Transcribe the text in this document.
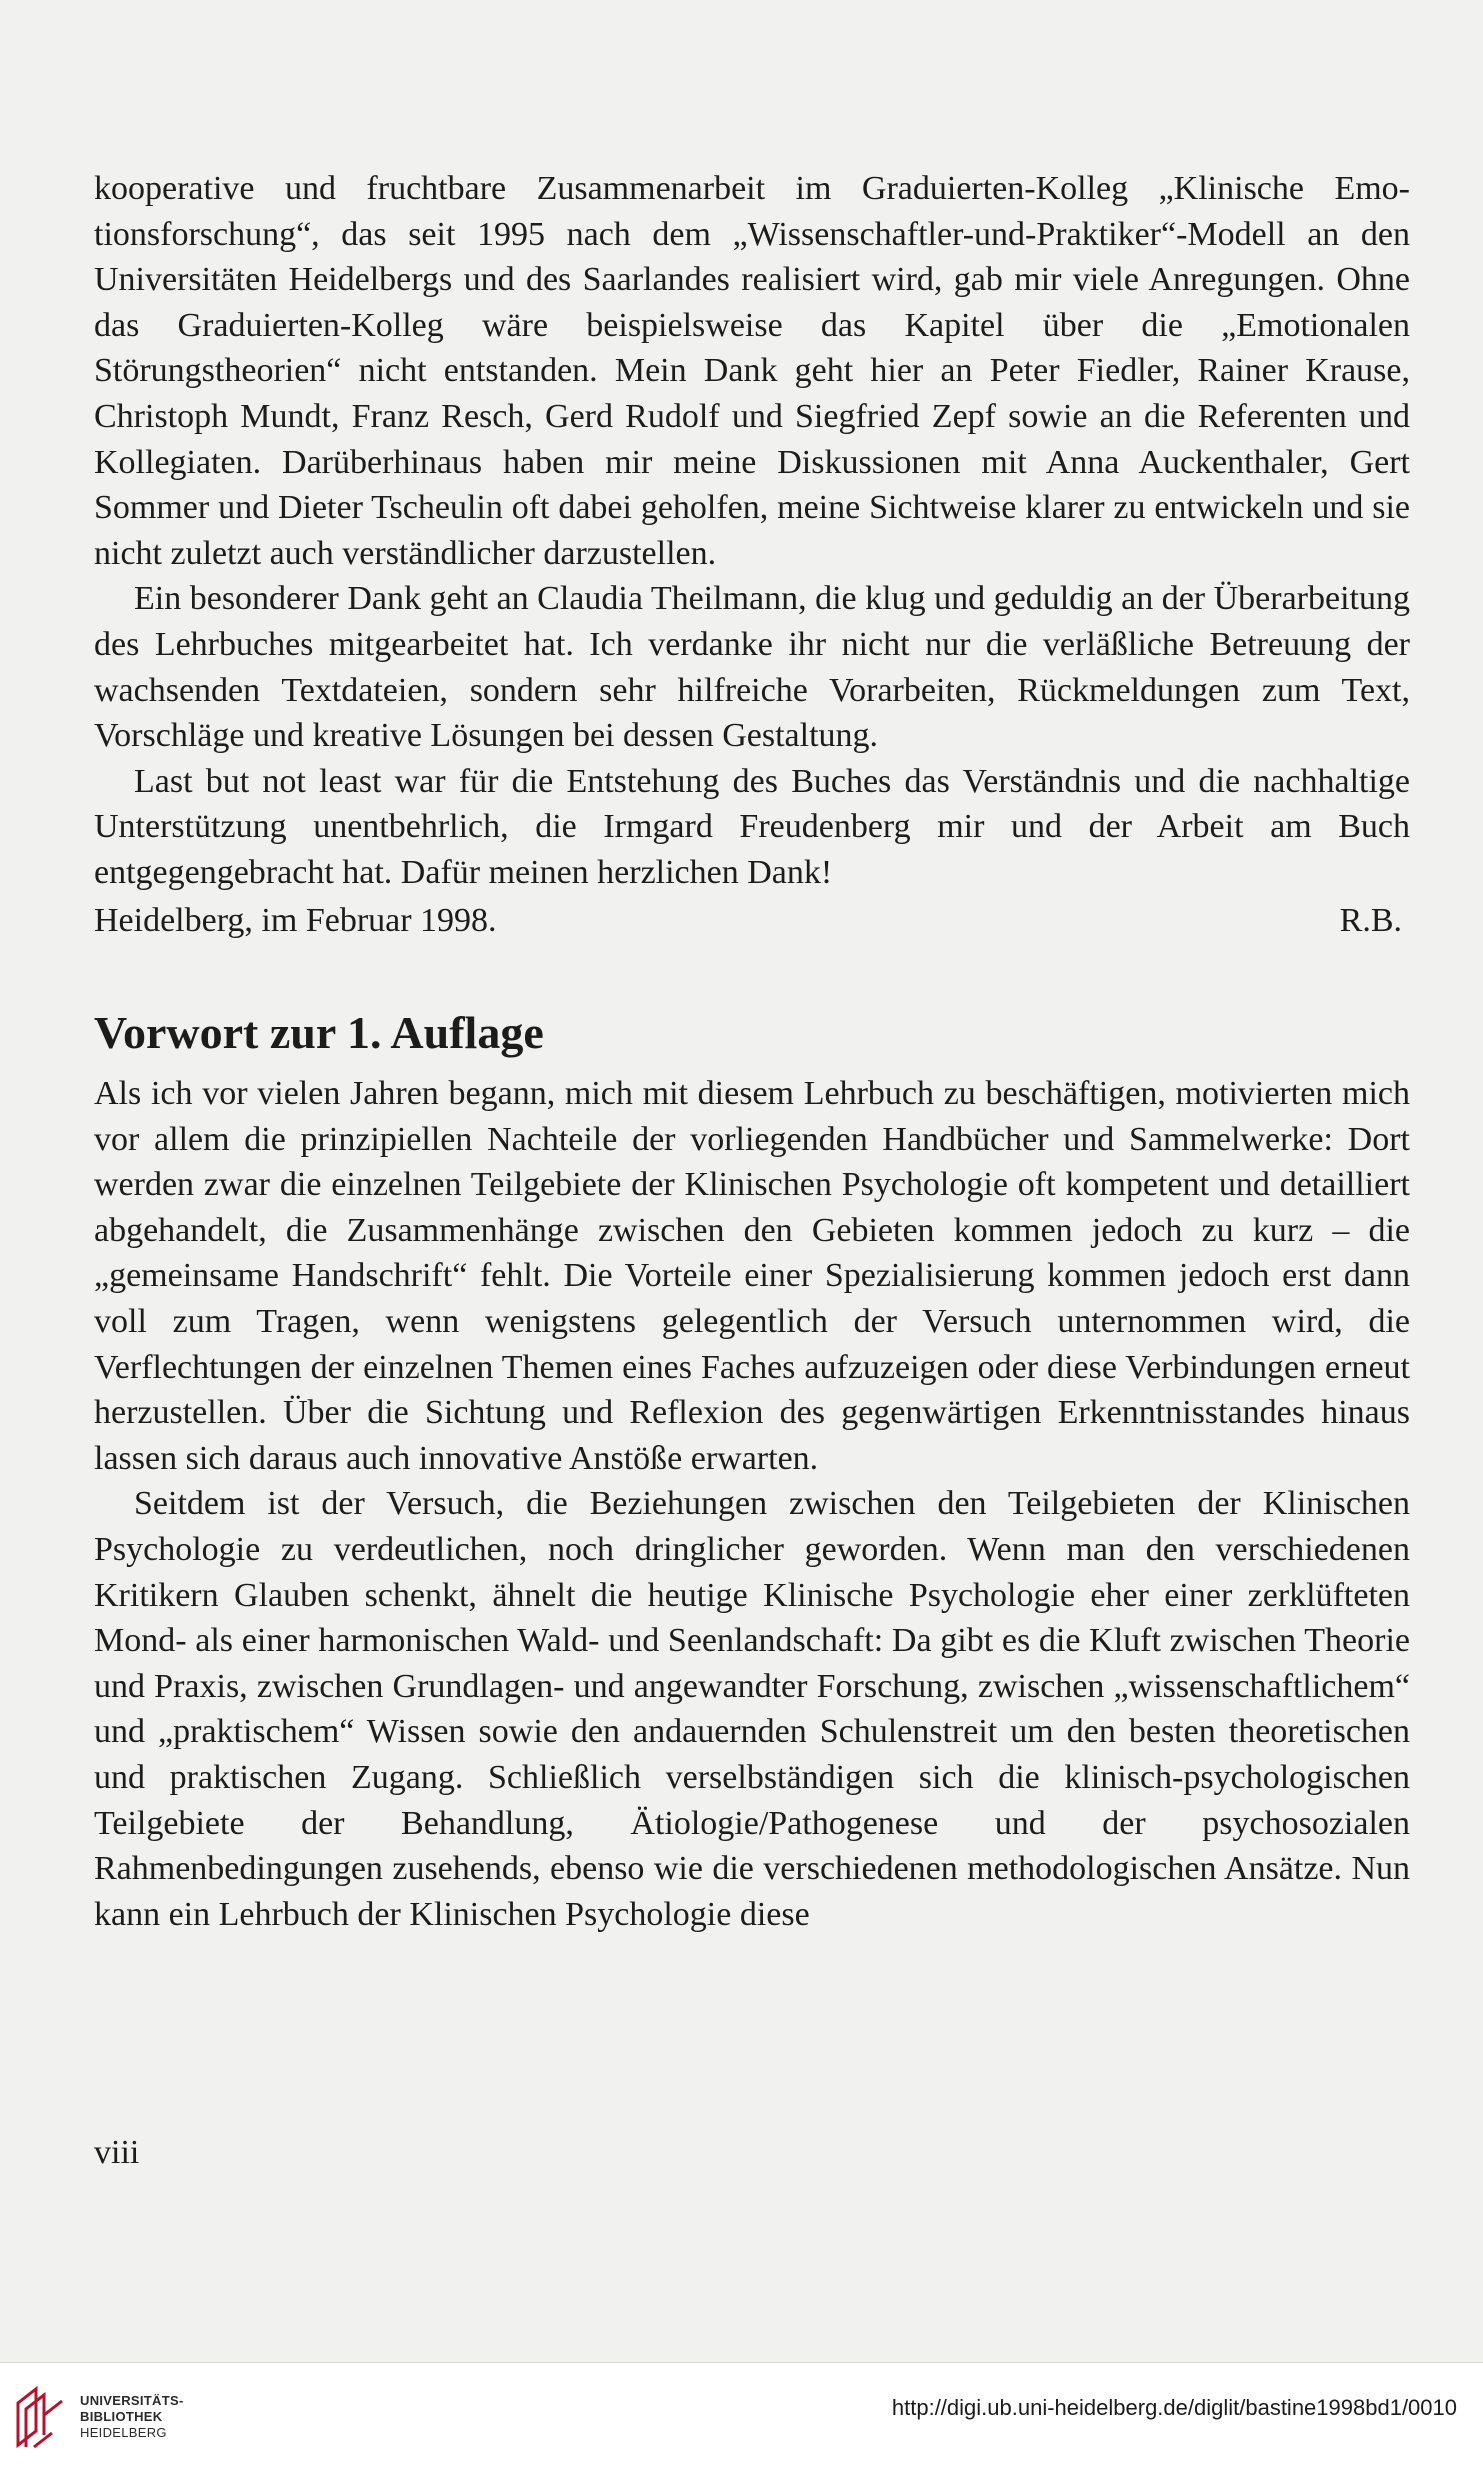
kooperative und fruchtbare Zusammenarbeit im Graduierten-Kolleg „Klinische Emotionsforschung“, das seit 1995 nach dem „Wissenschaftler-und-Praktiker“-Modell an den Universitäten Heidelbergs und des Saarlandes realisiert wird, gab mir viele Anregungen. Ohne das Graduierten-Kolleg wäre beispielsweise das Kapitel über die „Emotionalen Störungstheorien“ nicht entstanden. Mein Dank geht hier an Peter Fiedler, Rainer Krause, Christoph Mundt, Franz Resch, Gerd Rudolf und Siegfried Zepf sowie an die Referenten und Kollegiaten. Darüberhinaus haben mir meine Diskussionen mit Anna Auckenthaler, Gert Sommer und Dieter Tscheulin oft dabei geholfen, meine Sichtweise klarer zu entwickeln und sie nicht zuletzt auch verständlicher darzustellen.

Ein besonderer Dank geht an Claudia Theilmann, die klug und geduldig an der Überarbeitung des Lehrbuches mitgearbeitet hat. Ich verdanke ihr nicht nur die verläßliche Betreuung der wachsenden Textdateien, sondern sehr hilfreiche Vorarbeiten, Rückmeldungen zum Text, Vorschläge und kreative Lösungen bei dessen Gestaltung.

Last but not least war für die Entstehung des Buches das Verständnis und die nachhaltige Unterstützung unentbehrlich, die Irmgard Freudenberg mir und der Arbeit am Buch entgegengebracht hat. Dafür meinen herzlichen Dank!

Heidelberg, im Februar 1998.	R.B.
Vorwort zur 1. Auflage

Als ich vor vielen Jahren begann, mich mit diesem Lehrbuch zu beschäftigen, motivierten mich vor allem die prinzipiellen Nachteile der vorliegenden Handbücher und Sammelwerke: Dort werden zwar die einzelnen Teilgebiete der Klinischen Psychologie oft kompetent und detailliert abgehandelt, die Zusammenhänge zwischen den Gebieten kommen jedoch zu kurz – die „gemeinsame Handschrift“ fehlt. Die Vorteile einer Spezialisierung kommen jedoch erst dann voll zum Tragen, wenn wenigstens gelegentlich der Versuch unternommen wird, die Verflechtungen der einzelnen Themen eines Faches aufzuzeigen oder diese Verbindungen erneut herzustellen. Über die Sichtung und Reflexion des gegenwärtigen Erkenntnisstandes hinaus lassen sich daraus auch innovative Anstöße erwarten.

Seitdem ist der Versuch, die Beziehungen zwischen den Teilgebieten der Klinischen Psychologie zu verdeutlichen, noch dringlicher geworden. Wenn man den verschiedenen Kritikern Glauben schenkt, ähnelt die heutige Klinische Psychologie eher einer zerklüfteten Mond- als einer harmonischen Wald- und Seenlandschaft: Da gibt es die Kluft zwischen Theorie und Praxis, zwischen Grundlagen- und angewandter Forschung, zwischen „wissenschaftlichem“ und „praktischem“ Wissen sowie den andauernden Schulenstreit um den besten theoretischen und praktischen Zugang. Schließlich verselbständigen sich die klinisch-psychologischen Teilgebiete der Behandlung, Ätiologie/Pathogenese und der psychosozialen Rahmenbedingungen zusehends, ebenso wie die verschiedenen methodologischen Ansätze. Nun kann ein Lehrbuch der Klinischen Psychologie diese

viii
UNIVERSITÄTS-
BIBLIOTHEK
HEIDELBERG
http://digi.ub.uni-heidelberg.de/diglit/bastine1998bd1/0010
